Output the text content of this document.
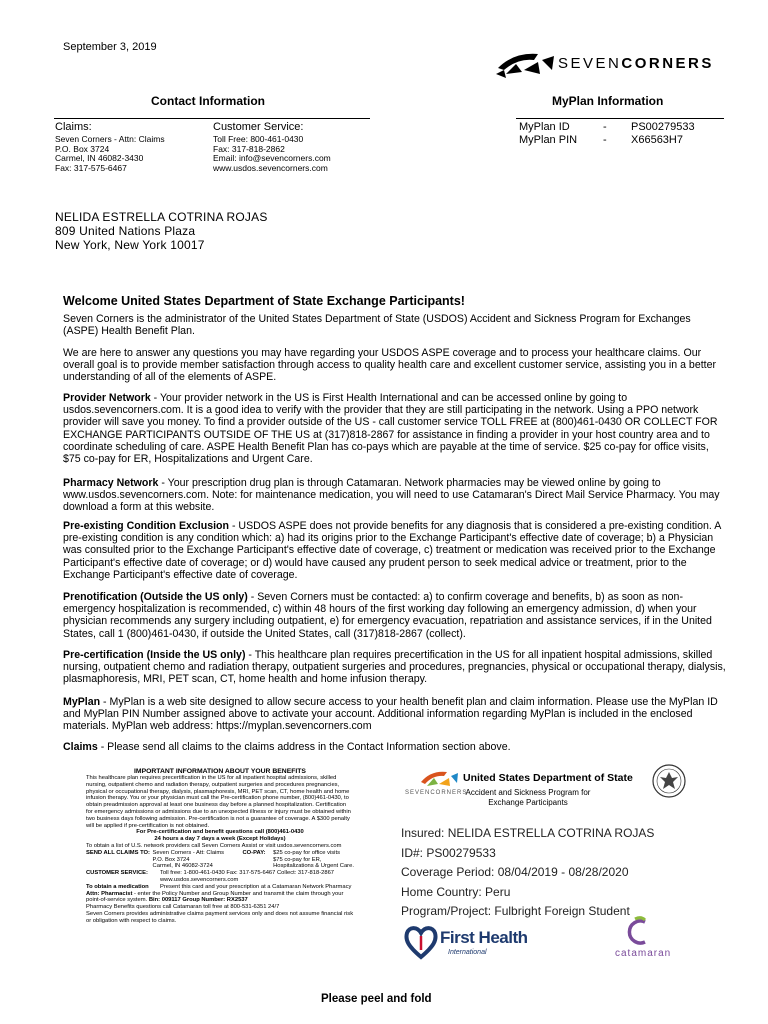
September 3, 2019
SEVENCORNERS
Contact Information	MyPlan Information
Claims:	Customer Service:
Seven Corners - Attn: Claims
P.O. Box 3724
Carmel, IN 46082-3430
Fax: 317-575-6467
Toll Free: 800-461-0430
Fax: 317-818-2862
Email: info@sevencorners.com
www.usdos.sevencorners.com
MyPlan ID	-	PS00279533
MyPlan PIN	-	X66563H7
NELIDA ESTRELLA COTRINA ROJAS
809 United Nations Plaza
New York, New York 10017
Welcome United States Department of State Exchange Participants!
Seven Corners is the administrator of the United States Department of State (USDOS) Accident and Sickness Program for Exchanges (ASPE) Health Benefit Plan.
We are here to answer any questions you may have regarding your USDOS ASPE coverage and to process your healthcare claims. Our overall goal is to provide member satisfaction through access to quality health care and excellent customer service, assisting you in a better understanding of all of the elements of ASPE.
Provider Network - Your provider network in the US is First Health International and can be accessed online by going to usdos.sevencorners.com. It is a good idea to verify with the provider that they are still participating in the network. Using a PPO network provider will save you money. To find a provider outside of the US - call customer service TOLL FREE at (800)461-0430 OR COLLECT FOR EXCHANGE PARTICIPANTS OUTSIDE OF THE US at (317)818-2867 for assistance in finding a provider in your host country area and to coordinate scheduling of care. ASPE Health Benefit Plan has co-pays which are payable at the time of service. $25 co-pay for office visits, $75 co-pay for ER, Hospitalizations and Urgent Care.
Pharmacy Network - Your prescription drug plan is through Catamaran. Network pharmacies may be viewed online by going to www.usdos.sevencorners.com. Note: for maintenance medication, you will need to use Catamaran's Direct Mail Service Pharmacy. You may download a form at this website.
Pre-existing Condition Exclusion - USDOS ASPE does not provide benefits for any diagnosis that is considered a pre-existing condition. A pre-existing condition is any condition which: a) had its origins prior to the Exchange Participant's effective date of coverage; b) a Physician was consulted prior to the Exchange Participant's effective date of coverage, c) treatment or medication was received prior to the Exchange Participant's effective date of coverage; or d) would have caused any prudent person to seek medical advice or treatment, prior to the Exchange Participant's effective date of coverage.
Prenotification (Outside the US only) - Seven Corners must be contacted: a) to confirm coverage and benefits, b) as soon as non-emergency hospitalization is recommended, c) within 48 hours of the first working day following an emergency admission, d) when your physician recommends any surgery including outpatient, e) for emergency evacuation, repatriation and assistance services, if in the United States, call 1 (800)461-0430, if outside the United States, call (317)818-2867 (collect).
Pre-certification (Inside the US only) - This healthcare plan requires precertification in the US for all inpatient hospital admissions, skilled nursing, outpatient chemo and radiation therapy, outpatient surgeries and procedures, pregnancies, physical or occupational therapy, dialysis, plasmaphoresis, MRI, PET scan, CT, home health and home infusion therapy.
MyPlan - MyPlan is a web site designed to allow secure access to your health benefit plan and claim information. Please use the MyPlan ID and MyPlan PIN Number assigned above to activate your account. Additional information regarding MyPlan is included in the enclosed materials. MyPlan web address: https://myplan.sevencorners.com
Claims - Please send all claims to the claims address in the Contact Information section above.
IMPORTANT INFORMATION ABOUT YOUR BENEFITS
This healthcare plan requires precertification in the US for all inpatient hospital admissions, skilled nursing, outpatient chemo and radiation therapy, outpatient surgeries and procedures pregnancies, physical or occupational therapy, dialysis, plasmaphoresis, MRI, PET scan, CT, home health and home infusion therapy. You or your physician must call the Pre-certification phone number, (800)461-0430, to obtain preadmission approval at least one business day before a planned hospitalization. Certification for emergency admissions or admissions due to an unexpected illness or injury must be obtained within two business days following admission. Pre-certification is not a guarantee of coverage. A $300 penalty will be applied if pre-certification is not obtained.
For Pre-certification and benefit questions call (800)461-0430
24 hours a day 7 days a week (Except Holidays)
To obtain a list of U.S. network providers call Seven Corners Assist or visit usdos.sevencorners.com
SEND ALL CLAIMS TO: Seven Corners - Att: Claims	CO-PAY:	$25 co-pay for office visits
P.O. Box 3724	$75 co-pay for ER,
Carmel, IN 46082-3724	Hospitalizations & Urgent Care.
CUSTOMER SERVICE:	Toll free: 1-800-461-0430 Fax: 317-575-6467 Collect: 317-818-2867
www.usdos.sevencorners.com
To obtain a medication	Present this card and your prescription at a Catamaran Network Pharmacy
Attn: Pharmacist - enter the Policy Number and Group Number and transmit the claim through your point-of-service system. Bin: 009117 Group Number: RX2537
Pharmacy Benefits questions call Catamaran toll free at 800-531-6351 24/7
Seven Corners provides administrative claims payment services only and does not assume financial risk or obligation with respect to claims.
SEVENCORNERS
United States Department of State
Accident and Sickness Program for Exchange Participants
Insured: NELIDA ESTRELLA COTRINA ROJAS
ID#: PS00279533
Coverage Period: 08/04/2019 - 08/28/2020
Home Country: Peru
Program/Project: Fulbright Foreign Student
First Health
International	catamaran
Please peel and fold
